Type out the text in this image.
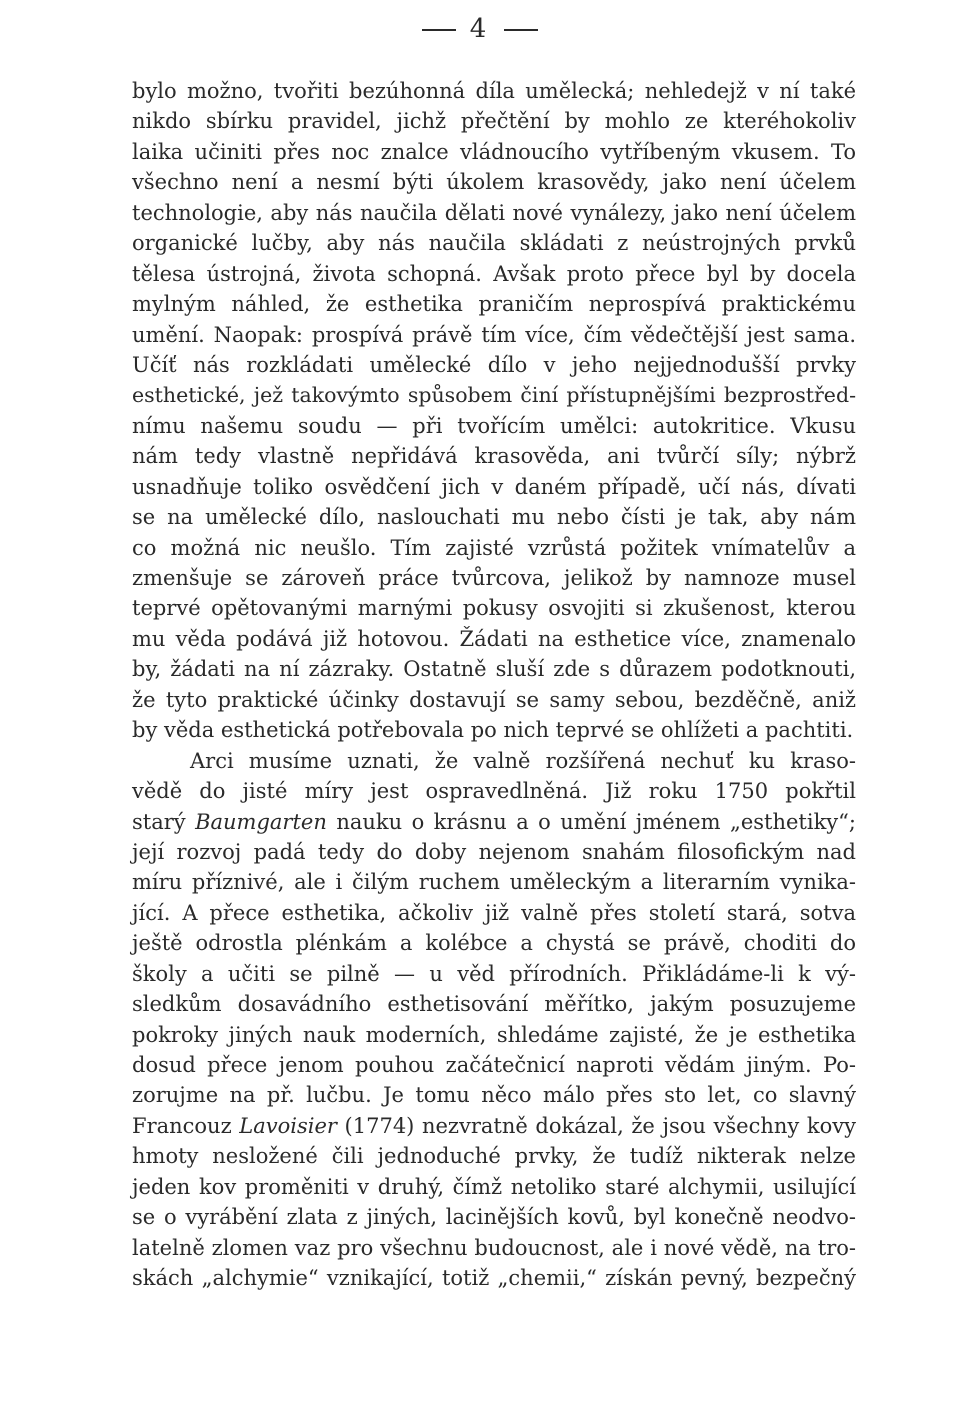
4
bylo možno, tvořiti bezúhonná díla umělecká; nehledejž v ní také
nikdo sbírku pravidel, jichž přečtění by mohlo ze kteréhokoliv
laika učiniti přes noc znalce vládnoucího vytříbeným vkusem. To
všechno není a nesmí býti úkolem krasovědy, jako není účelem
technologie, aby nás naučila dělati nové vynálezy, jako není účelem
organické lučby, aby nás naučila skládati z neústrojných prvků
tělesa ústrojná, života schopná. Avšak proto přece byl by docela
mylným náhled, že esthetika praničím neprospívá praktickému
umění. Naopak: prospívá právě tím více, čím vědečtější jest sama.
Učíť nás rozkládati umělecké dílo v jeho nejjednodušší prvky
esthetické, jež takovýmto spůsobem činí přístupnějšími bezprostřed-
nímu našemu soudu — při tvořícím umělci: autokritice. Vkusu
nám tedy vlastně nepřidává krasověda, ani tvůrčí síly; nýbrž
usnadňuje toliko osvědčení jich v daném případě, učí nás, dívati
se na umělecké dílo, naslouchati mu nebo čísti je tak, aby nám
co možná nic neušlo. Tím zajisté vzrůstá požitek vnímatelův a
zmenšuje se zároveň práce tvůrcova, jelikož by namnoze musel
teprvé opětovanými marnými pokusy osvojiti si zkušenost, kterou
mu věda podává již hotovou. Žádati na esthetice více, znamenalo
by, žádati na ní zázraky. Ostatně sluší zde s důrazem podotknouti,
že tyto praktické účinky dostavují se samy sebou, bezděčně, aniž
by věda esthetická potřebovala po nich teprvé se ohlížeti a pachtiti.
Arci musíme uznati, že valně rozšířená nechuť ku kraso-
vědě do jisté míry jest ospravedlněná. Již roku 1750 pokřtil
starý Baumgarten nauku o krásnu a o umění jménem „esthetiky“;
její rozvoj padá tedy do doby nejenom snahám filosofickým nad
míru příznivé, ale i čilým ruchem uměleckým a literarním vynika-
jící. A přece esthetika, ačkoliv již valně přes století stará, sotva
ještě odrostla plénkám a kolébce a chystá se právě, choditi do
školy a učiti se pilně — u věd přírodních. Přikládáme-li k vý-
sledkům dosavádního esthetisování měřítko, jakým posuzujeme
pokroky jiných nauk moderních, shledáme zajisté, že je esthetika
dosud přece jenom pouhou začátečnicí naproti vědám jiným. Po-
zorujme na př. lučbu. Je tomu něco málo přes sto let, co slavný
Francouz Lavoisier (1774) nezvratně dokázal, že jsou všechny kovy
hmoty nesložené čili jednoduché prvky, že tudíž nikterak nelze
jeden kov proměniti v druhý, čímž netoliko staré alchymii, usilující
se o vyrábění zlata z jiných, lacinějších kovů, byl konečně neodvo-
latelně zlomen vaz pro všechnu budoucnost, ale i nové vědě, na tro-
skách „alchymie“ vznikající, totiž „chemii,“ získán pevný, bezpečný
